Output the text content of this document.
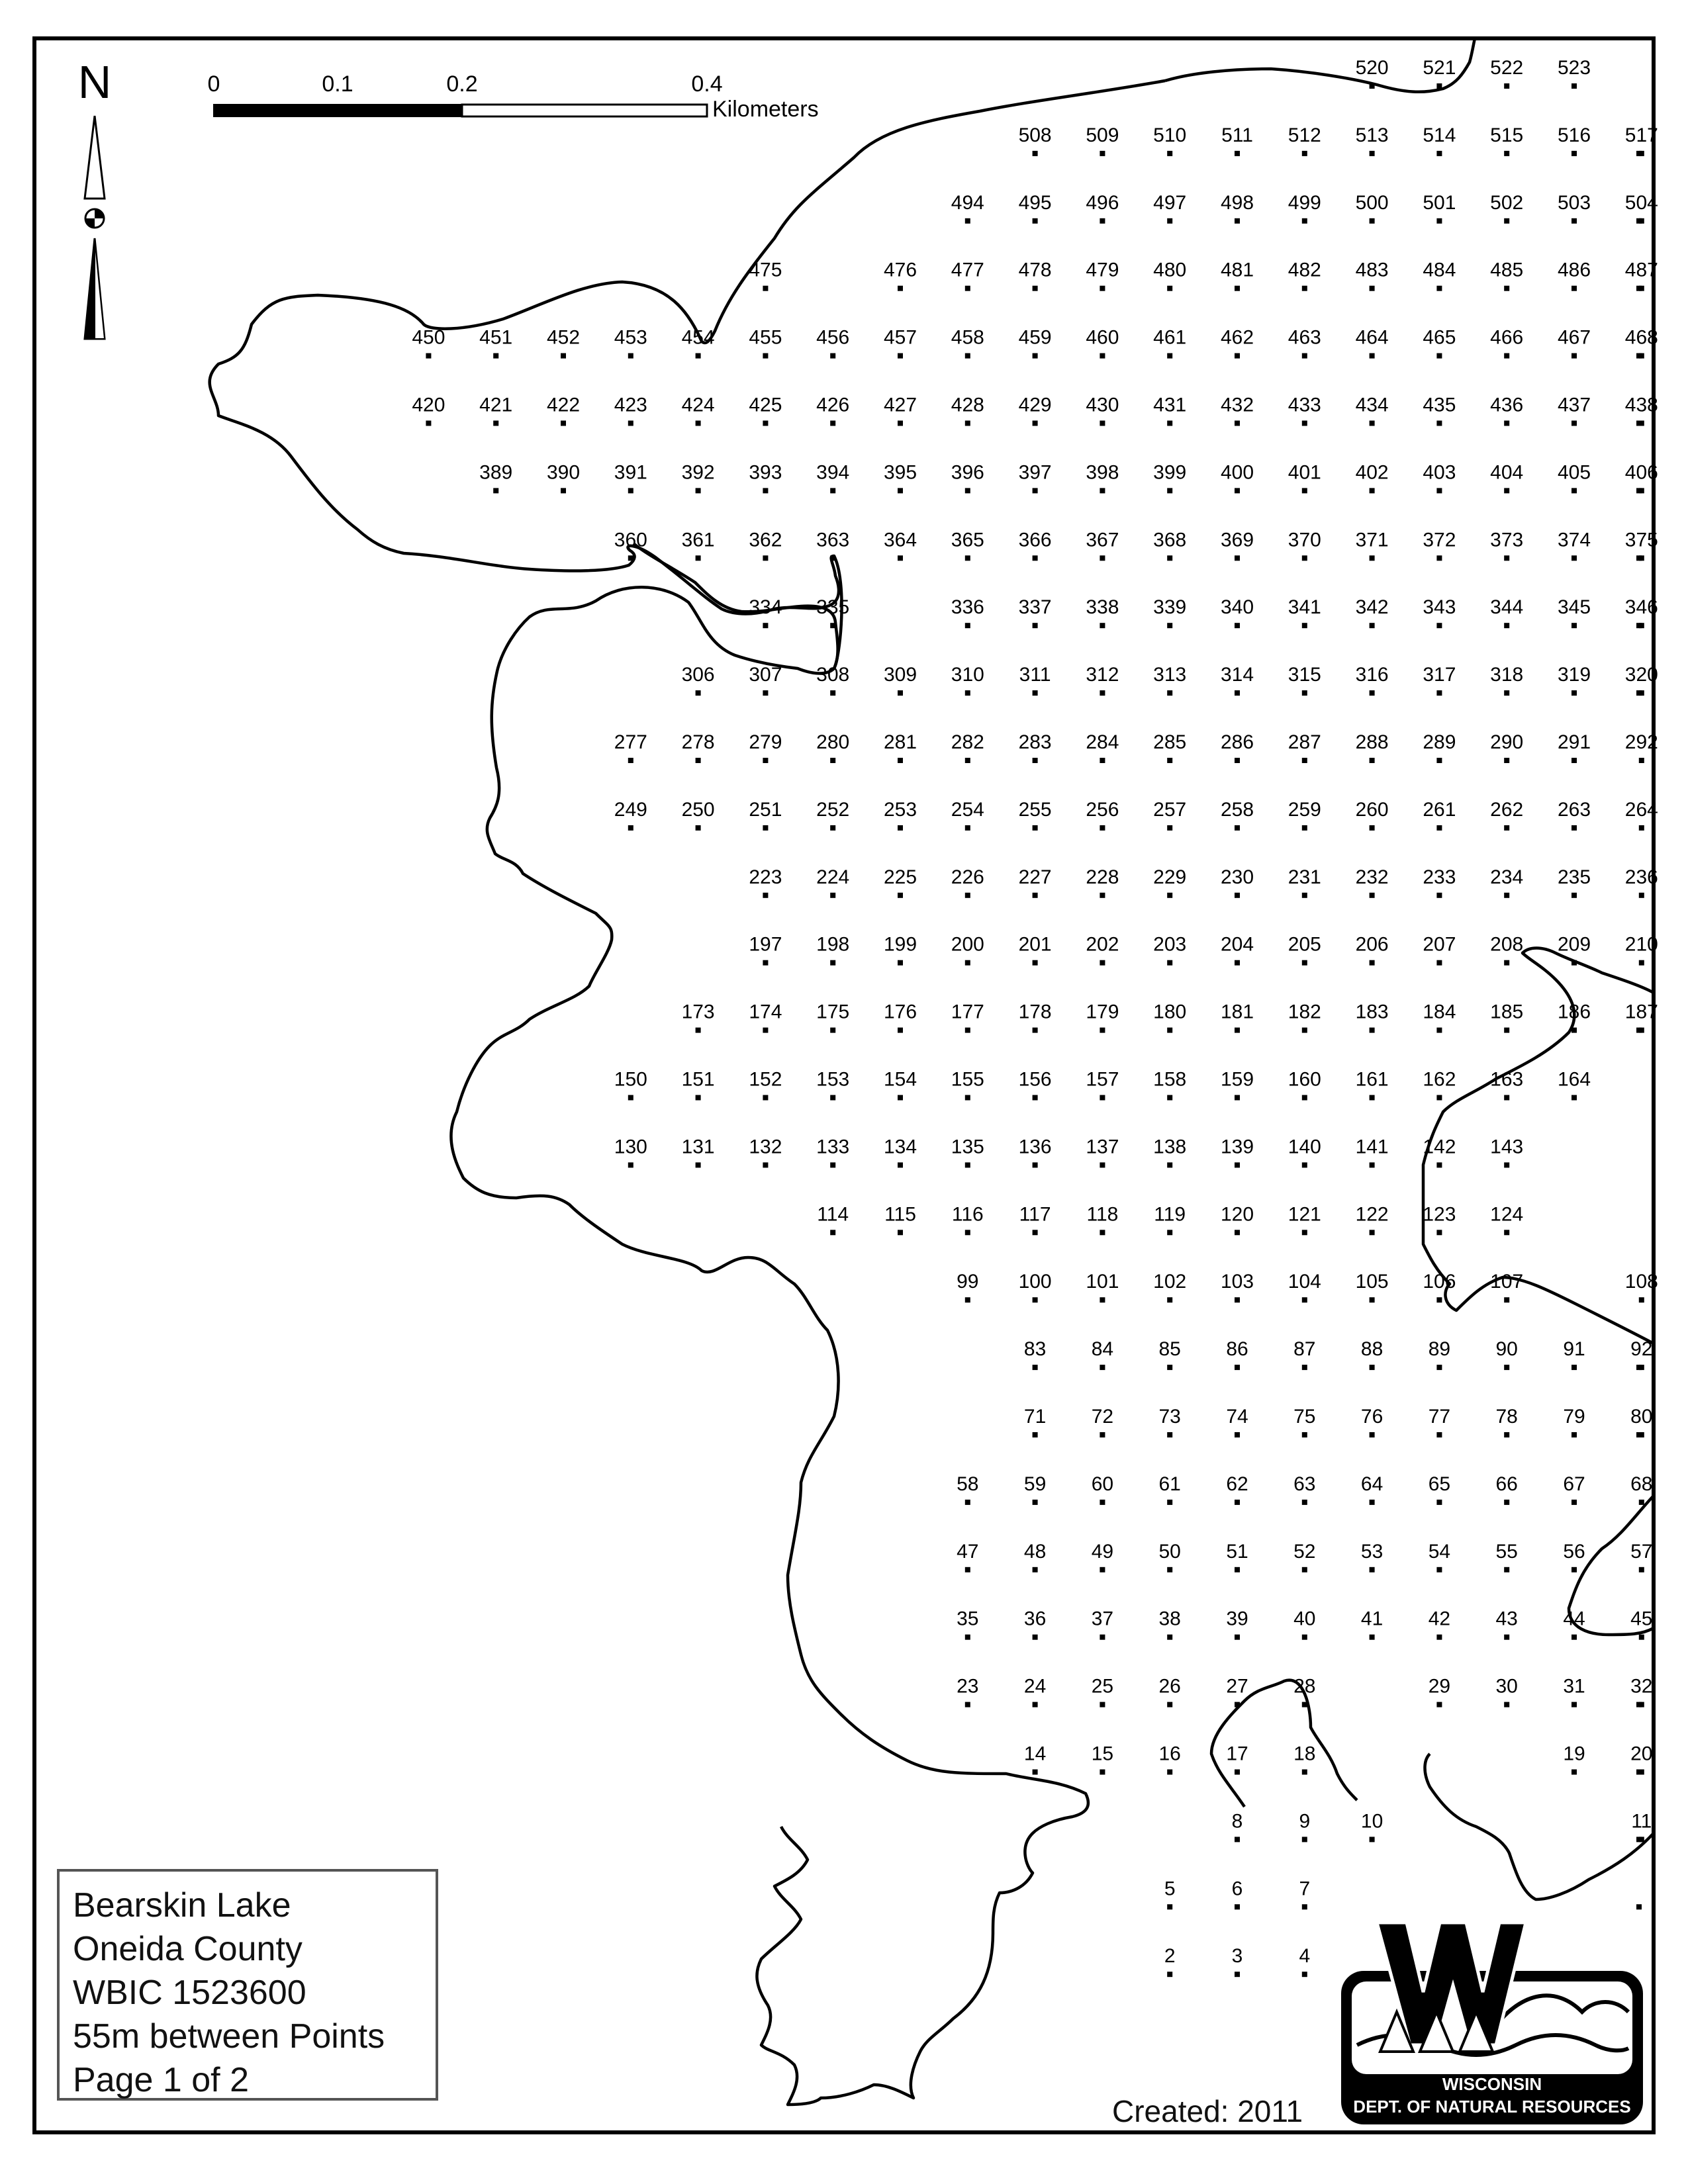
N	0	0.1	0.2	0.4
Kilometers
520 521 522 523
508 509 510 511 512 513 514 515 516 517
494 495 496 497 498 499 500 501 502 503 504
475	476 477 478 479 480 481 482 483 484 485 486 487
450 451 452 453 454 455 456 457 458 459 460 461 462 463 464 465 466 467 468
420 421 422 423 424 425 426 427 428 429 430 431 432 433 434 435 436 437 438
389 390 391 392 393 394 395 396 397 398 399 400 401 402 403 404 405 406
360 361 362 363 364 365 366 367 368 369 370 371 372 373 374 375
334 335	336 337 338 339 340 341 342 343 344 345 346
306 307 308 309 310 311 312 313 314 315 316 317 318 319 320
277 278 279 280 281 282 283 284 285 286 287 288 289 290 291 292
249 250 251 252 253 254 255 256 257 258 259 260 261 262 263 264
223 224 225 226 227 228 229 230 231 232 233 234 235 236
197 198 199 200 201 202 203 204 205 206 207 208 209 210
173 174 175 176 177 178 179 180 181 182 183 184 185 186 187
150 151 152 153 154 155 156 157 158 159 160 161 162 163 164
130 131 132 133 134 135 136 137 138 139 140 141 142 143
114 115 116 117 118 119 120 121 122 123 124
99 100 101 102 103 104 105 106 107	108
83 84 85 86 87 88 89 90 91 92
71 72 73 74 75 76 77 78 79 80
58 59 60 61 62 63 64 65 66 67 68
47 48 49 50 51 52 53 54 55 56 57
35 36 37 38 39 40 41 42 43 44 45
23 24 25 26 27 28	29 30 31 32
14 15 16 17 18	19 20
8	9	10	11
5	6	7
2	3	4
Bearskin Lake
Oneida County
WBIC 1523600
55m between Points
Page 1 of 2
Created: 2011
WISCONSIN
DEPT. OF NATURAL RESOURCES
